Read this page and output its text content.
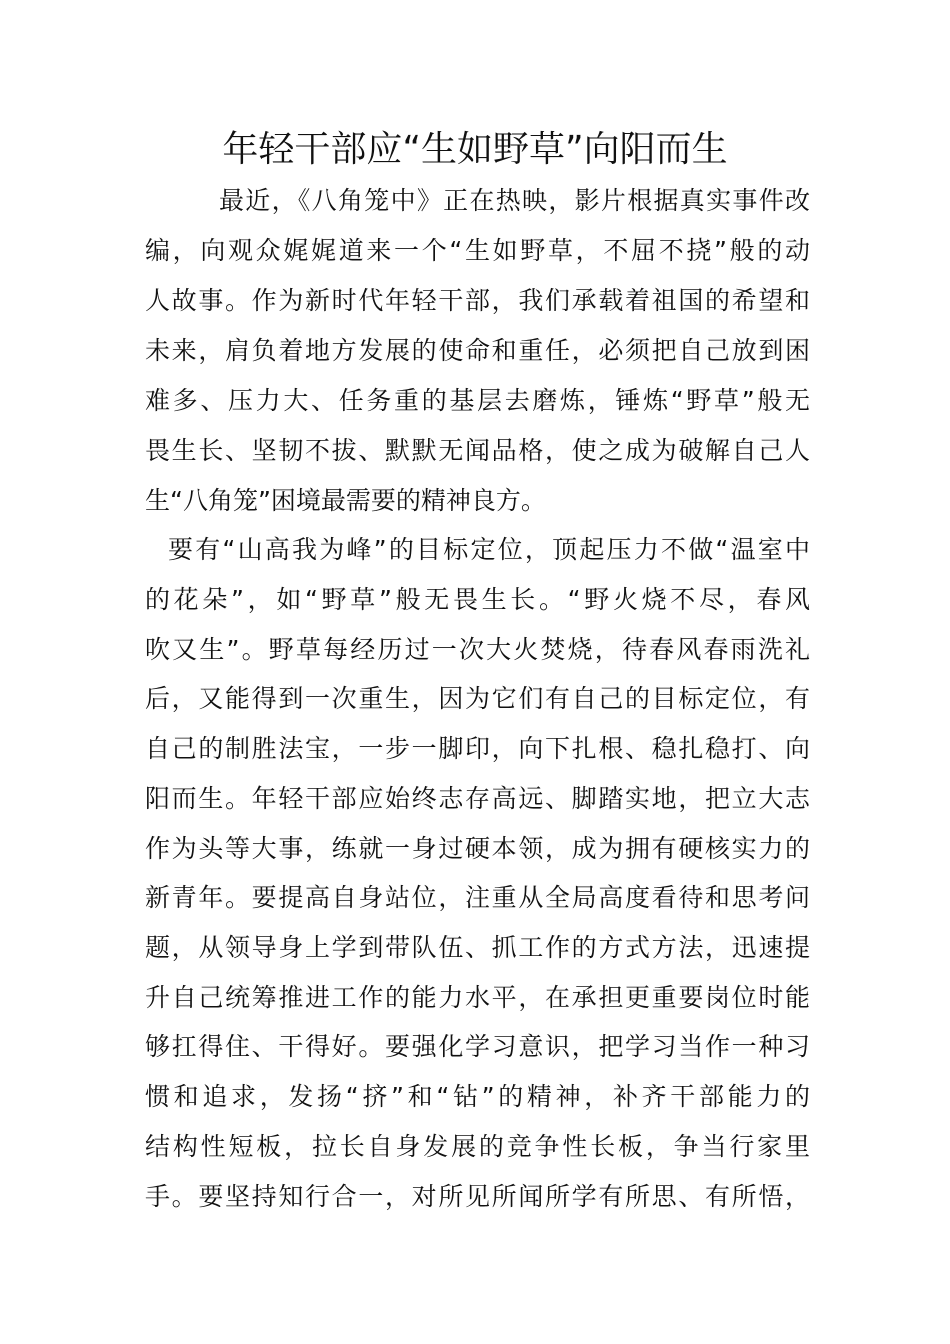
年轻干部应“生如野草”向阳而生
最近，《八角笼中》正在热映，影片根据真实事件改
编，向观众娓娓道来一个“生如野草，不屈不挠”般的动
人故事。作为新时代年轻干部，我们承载着祖国的希望和
未来，肩负着地方发展的使命和重任，必须把自己放到困
难多、压力大、任务重的基层去磨炼，锤炼“野草”般无
畏生长、坚韧不拔、默默无闻品格，使之成为破解自己人
生“八角笼”困境最需要的精神良方。
要有“山高我为峰”的目标定位，顶起压力不做“温室中
的花朵”，如“野草”般无畏生长。“野火烧不尽，春风
吹又生”。野草每经历过一次大火焚烧，待春风春雨洗礼
后，又能得到一次重生，因为它们有自己的目标定位，有
自己的制胜法宝，一步一脚印，向下扎根、稳扎稳打、向
阳而生。年轻干部应始终志存高远、脚踏实地，把立大志
作为头等大事，练就一身过硬本领，成为拥有硬核实力的
新青年。要提高自身站位，注重从全局高度看待和思考问
题，从领导身上学到带队伍、抓工作的方式方法，迅速提
升自己统筹推进工作的能力水平，在承担更重要岗位时能
够扛得住、干得好。要强化学习意识，把学习当作一种习
惯和追求，发扬“挤”和“钻”的精神，补齐干部能力的
结构性短板，拉长自身发展的竞争性长板，争当行家里
手。要坚持知行合一，对所见所闻所学有所思、有所悟，
